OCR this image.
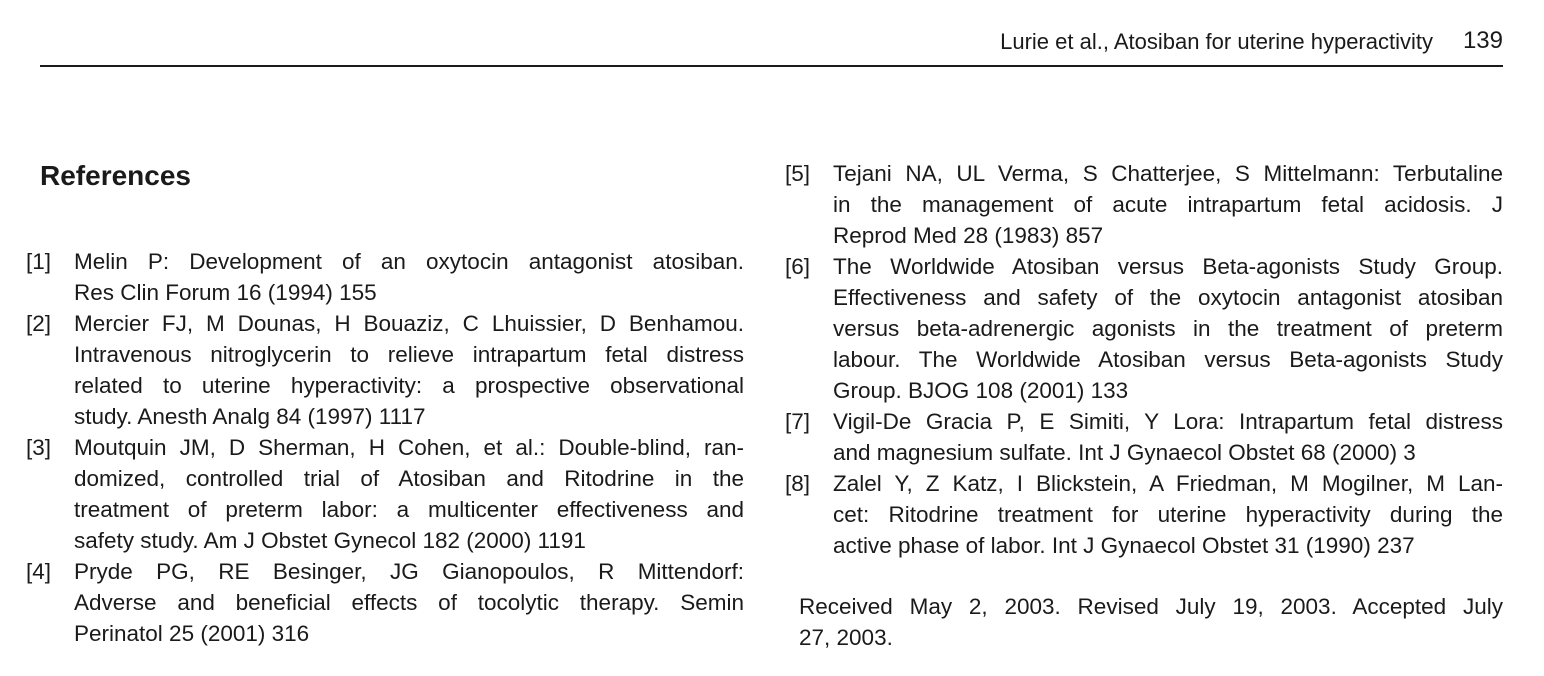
Lurie et al., Atosiban for uterine hyperactivity 139
References
[1] Melin P: Development of an oxytocin antagonist atosiban.
Res Clin Forum 16 (1994) 155
[2] Mercier FJ, M Dounas, H Bouaziz, C Lhuissier, D Benhamou.
Intravenous nitroglycerin to relieve intrapartum fetal distress
related to uterine hyperactivity: a prospective observational
study. Anesth Analg 84 (1997) 1117
[3] Moutquin JM, D Sherman, H Cohen, et al.: Double-blind, ran-
domized, controlled trial of Atosiban and Ritodrine in the
treatment of preterm labor: a multicenter effectiveness and
safety study. Am J Obstet Gynecol 182 (2000) 1191
[4] Pryde PG, RE Besinger, JG Gianopoulos, R Mittendorf:
Adverse and beneficial effects of tocolytic therapy. Semin
Perinatol 25 (2001) 316
[5] Tejani NA, UL Verma, S Chatterjee, S Mittelmann: Terbutaline
in the management of acute intrapartum fetal acidosis. J
Reprod Med 28 (1983) 857
[6] The Worldwide Atosiban versus Beta-agonists Study Group.
Effectiveness and safety of the oxytocin antagonist atosiban
versus beta-adrenergic agonists in the treatment of preterm
labour. The Worldwide Atosiban versus Beta-agonists Study
Group. BJOG 108 (2001) 133
[7] Vigil-De Gracia P, E Simiti, Y Lora: Intrapartum fetal distress
and magnesium sulfate. Int J Gynaecol Obstet 68 (2000) 3
[8] Zalel Y, Z Katz, I Blickstein, A Friedman, M Mogilner, M Lan-
cet: Ritodrine treatment for uterine hyperactivity during the
active phase of labor. Int J Gynaecol Obstet 31 (1990) 237
Received May 2, 2003. Revised July 19, 2003. Accepted July
27, 2003.
